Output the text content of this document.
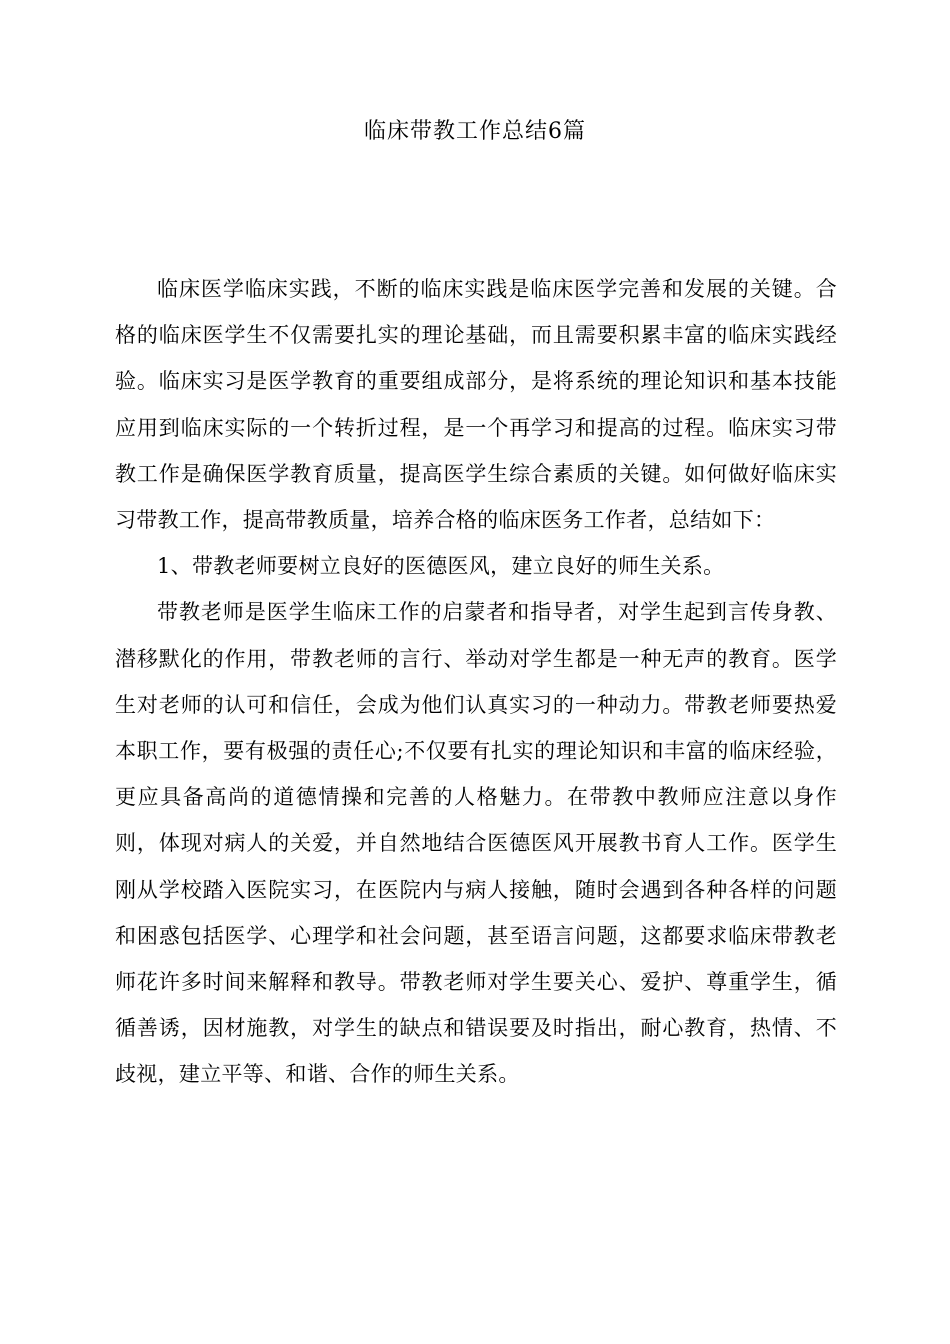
临床带教工作总结6篇

临床医学临床实践，不断的临床实践是临床医学完善和发展的关键。合格的临床医学生不仅需要扎实的理论基础，而且需要积累丰富的临床实践经验。临床实习是医学教育的重要组成部分，是将系统的理论知识和基本技能应用到临床实际的一个转折过程，是一个再学习和提高的过程。临床实习带教工作是确保医学教育质量，提高医学生综合素质的关键。如何做好临床实习带教工作，提高带教质量，培养合格的临床医务工作者，总结如下：

1、带教老师要树立良好的医德医风，建立良好的师生关系。

带教老师是医学生临床工作的启蒙者和指导者，对学生起到言传身教、潜移默化的作用，带教老师的言行、举动对学生都是一种无声的教育。医学生对老师的认可和信任，会成为他们认真实习的一种动力。带教老师要热爱本职工作，要有极强的责任心;不仅要有扎实的理论知识和丰富的临床经验，更应具备高尚的道德情操和完善的人格魅力。在带教中教师应注意以身作则，体现对病人的关爱，并自然地结合医德医风开展教书育人工作。医学生刚从学校踏入医院实习，在医院内与病人接触，随时会遇到各种各样的问题和困惑包括医学、心理学和社会问题，甚至语言问题，这都要求临床带教老师花许多时间来解释和教导。带教老师对学生要关心、爱护、尊重学生，循循善诱，因材施教，对学生的缺点和错误要及时指出，耐心教育，热情、不歧视，建立平等、和谐、合作的师生关系。
